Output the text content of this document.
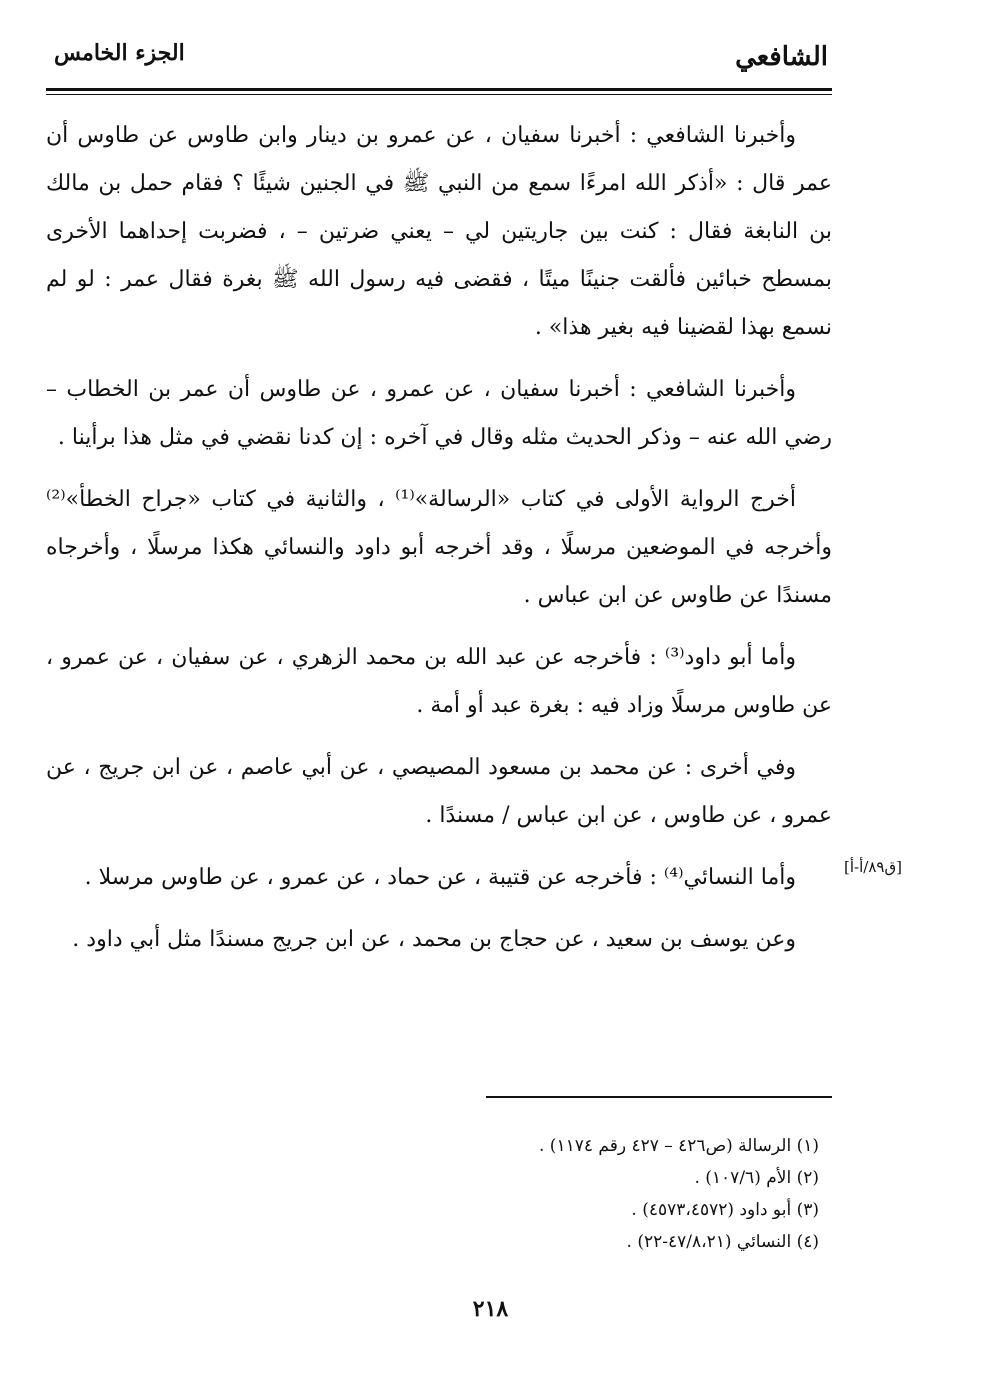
الشافعي
الجزء الخامس

وأخبرنا الشافعي : أخبرنا سفيان ، عن عمرو بن دينار وابن طاوس عن طاوس أن عمر قال : «أذكر الله امرءًا سمع من النبي ﷺ في الجنين شيئًا ؟ فقام حمل بن مالك بن النابغة فقال : كنت بين جاريتين لي – يعني ضرتين – ، فضربت إحداهما الأخرى بمسطح خبائين فألقت جنينًا ميتًا ، فقضى فيه رسول الله ﷺ بغرة فقال عمر : لو لم نسمع بهذا لقضينا فيه بغير هذا» .

وأخبرنا الشافعي : أخبرنا سفيان ، عن عمرو ، عن طاوس أن عمر بن الخطاب – رضي الله عنه – وذكر الحديث مثله وقال في آخره : إن كدنا نقضي في مثل هذا برأينا .

أخرج الرواية الأولى في كتاب «الرسالة»⁽¹⁾ ، والثانية في كتاب «جراح الخطأ»⁽²⁾ وأخرجه في الموضعين مرسلًا ، وقد أخرجه أبو داود والنسائي هكذا مرسلًا ، وأخرجاه مسندًا عن طاوس عن ابن عباس .

وأما أبو داود⁽³⁾ : فأخرجه عن عبد الله بن محمد الزهري ، عن سفيان ، عن عمرو ، عن طاوس مرسلًا وزاد فيه : بغرة عبد أو أمة .

وفي أخرى : عن محمد بن مسعود المصيصي ، عن أبي عاصم ، عن ابن جريج ، عن عمرو ، عن طاوس ، عن ابن عباس / مسندًا .

وأما النسائي⁽⁴⁾ : فأخرجه عن قتيبة ، عن حماد ، عن عمرو ، عن طاوس مرسلا .

وعن يوسف بن سعيد ، عن حجاج بن محمد ، عن ابن جريج مسندًا مثل أبي داود .

[ق٨٩/أ-أ]
(١) الرسالة (ص٤٢٦ – ٤٢٧ رقم ١١٧٤) .
(٢) الأم (١٠٧/٦) .
(٣) أبو داود (٤٥٧٣،٤٥٧٢) .
(٤) النسائي (٤٧/٨،٢١-٢٢) .
٢١٨
